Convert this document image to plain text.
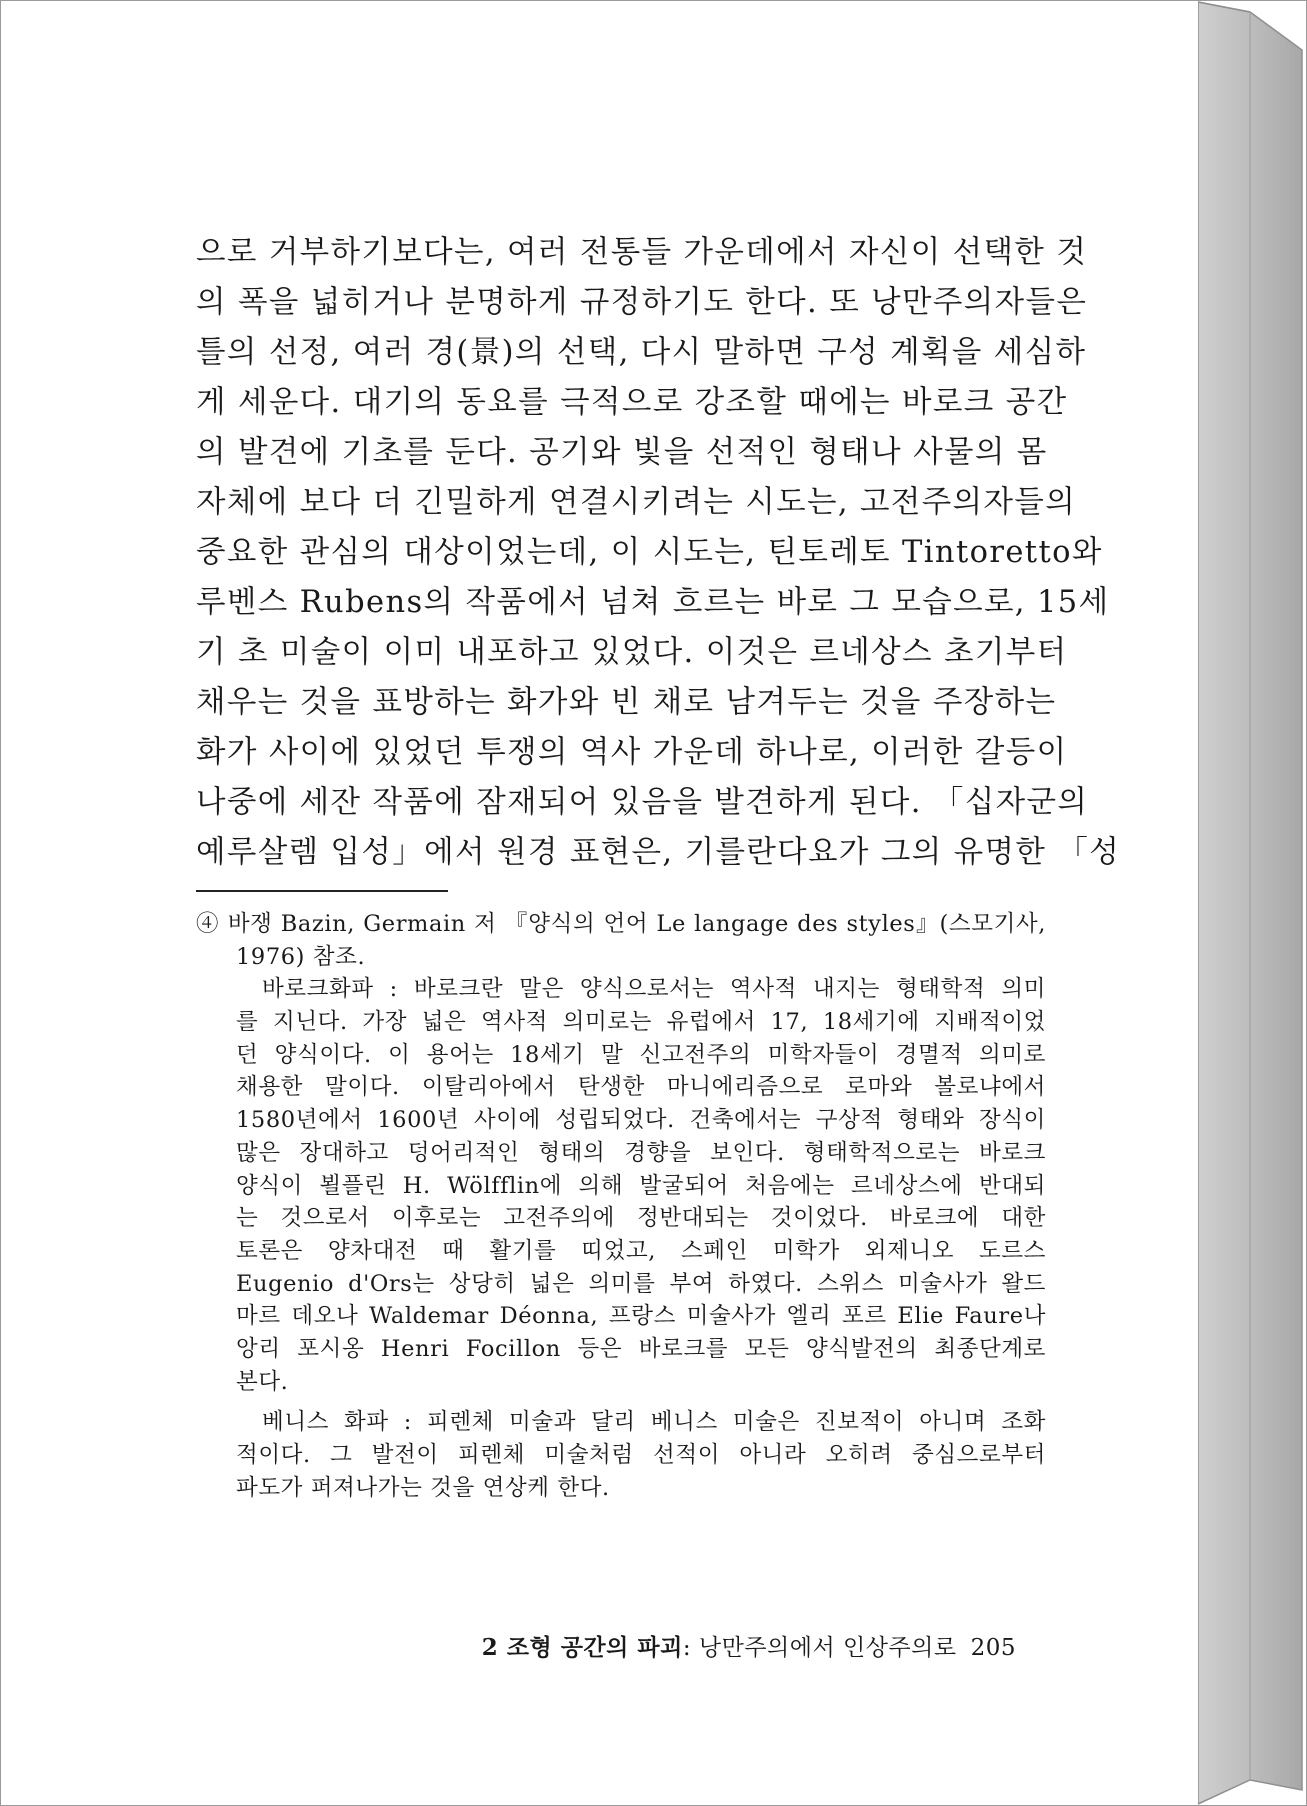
으로 거부하기보다는, 여러 전통들 가운데에서 자신이 선택한 것
의 폭을 넓히거나 분명하게 규정하기도 한다. 또 낭만주의자들은
틀의 선정, 여러 경(景)의 선택, 다시 말하면 구성 계획을 세심하
게 세운다. 대기의 동요를 극적으로 강조할 때에는 바로크 공간
의 발견에 기초를 둔다. 공기와 빛을 선적인 형태나 사물의 몸
자체에 보다 더 긴밀하게 연결시키려는 시도는, 고전주의자들의
중요한 관심의 대상이었는데, 이 시도는, 틴토레토 Tintoretto와
루벤스 Rubens의 작품에서 넘쳐 흐르는 바로 그 모습으로, 15세
기 초 미술이 이미 내포하고 있었다. 이것은 르네상스 초기부터
채우는 것을 표방하는 화가와 빈 채로 남겨두는 것을 주장하는
화가 사이에 있었던 투쟁의 역사 가운데 하나로, 이러한 갈등이
나중에 세잔 작품에 잠재되어 있음을 발견하게 된다. 「십자군의
예루살렘 입성」에서 원경 표현은, 기를란다요가 그의 유명한 「성
④ 바쟁 Bazin, Germain 저 『양식의 언어 Le langage des styles』(스모기사,
1976) 참조.
바로크화파 : 바로크란 말은 양식으로서는 역사적 내지는 형태학적 의미
를 지닌다. 가장 넓은 역사적 의미로는 유럽에서 17, 18세기에 지배적이었
던 양식이다. 이 용어는 18세기 말 신고전주의 미학자들이 경멸적 의미로
채용한 말이다. 이탈리아에서 탄생한 마니에리즘으로 로마와 볼로냐에서
1580년에서 1600년 사이에 성립되었다. 건축에서는 구상적 형태와 장식이
많은 장대하고 덩어리적인 형태의 경향을 보인다. 형태학적으로는 바로크
양식이 뵐플린 H. Wölfflin에 의해 발굴되어 처음에는 르네상스에 반대되
는 것으로서 이후로는 고전주의에 정반대되는 것이었다. 바로크에 대한
토론은 양차대전 때 활기를 띠었고, 스페인 미학가 외제니오 도르스
Eugenio d'Ors는 상당히 넓은 의미를 부여 하였다. 스위스 미술사가 왈드
마르 데오나 Waldemar Déonna, 프랑스 미술사가 엘리 포르 Elie Faure나
앙리 포시옹 Henri Focillon 등은 바로크를 모든 양식발전의 최종단계로
본다.
베니스 화파 : 피렌체 미술과 달리 베니스 미술은 진보적이 아니며 조화
적이다. 그 발전이 피렌체 미술처럼 선적이 아니라 오히려 중심으로부터
파도가 퍼져나가는 것을 연상케 한다.
2 조형 공간의 파괴: 낭만주의에서 인상주의로 205
